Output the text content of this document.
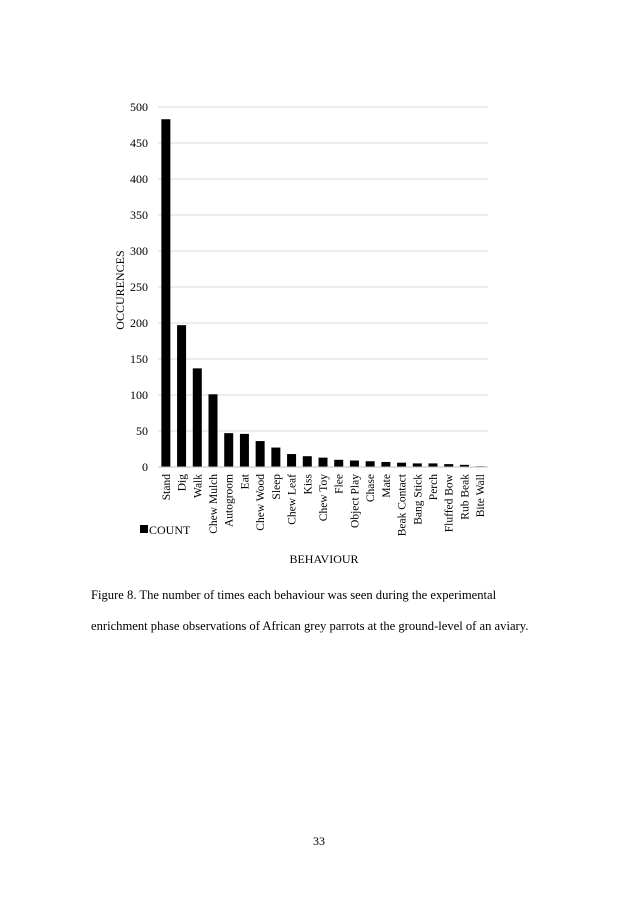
0
50
100
150
200
250
300
350
400
450
500
Stand Dig Walk Chew Mulch Autogroom Eat Chew Wood Sleep Chew Leaf Kiss Chew Toy Flee Object Play Chase Mate Beak Contact Bang Stick Perch Fluffed Bow Rub Beak Bite Wall
OCCURENCES
BEHAVIOUR
COUNT
Figure 8. The number of times each behaviour was seen during the experimental
enrichment phase observations of African grey parrots at the ground-level of an aviary.
33
